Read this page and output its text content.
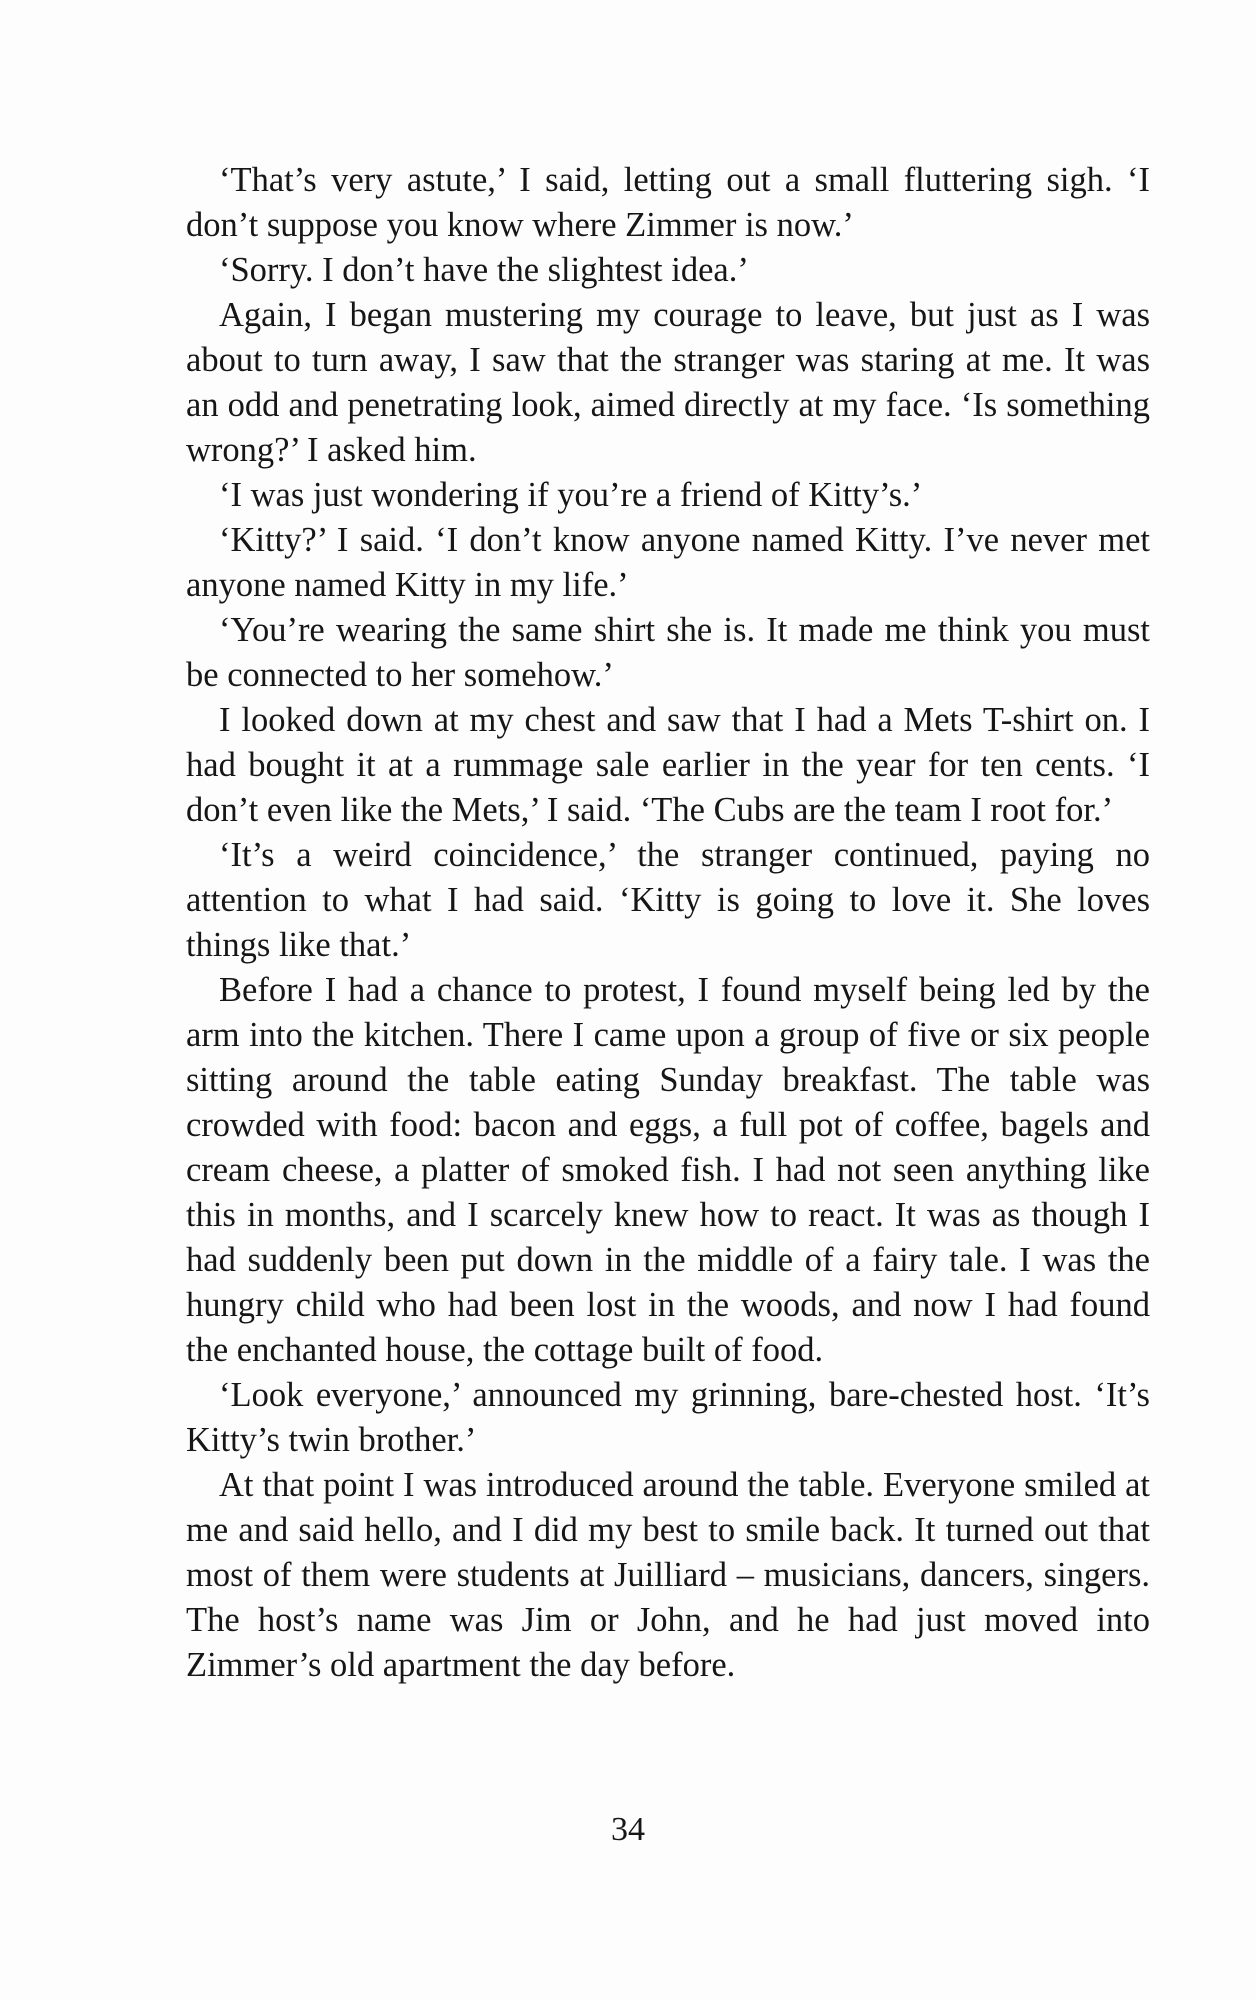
‘That’s very astute,’ I said, letting out a small fluttering sigh. ‘I don’t suppose you know where Zimmer is now.’

‘Sorry. I don’t have the slightest idea.’

Again, I began mustering my courage to leave, but just as I was about to turn away, I saw that the stranger was staring at me. It was an odd and penetrating look, aimed directly at my face. ‘Is something wrong?’ I asked him.

‘I was just wondering if you’re a friend of Kitty’s.’

‘Kitty?’ I said. ‘I don’t know anyone named Kitty. I’ve never met anyone named Kitty in my life.’

‘You’re wearing the same shirt she is. It made me think you must be connected to her somehow.’

I looked down at my chest and saw that I had a Mets T-shirt on. I had bought it at a rummage sale earlier in the year for ten cents. ‘I don’t even like the Mets,’ I said. ‘The Cubs are the team I root for.’

‘It’s a weird coincidence,’ the stranger continued, paying no attention to what I had said. ‘Kitty is going to love it. She loves things like that.’

Before I had a chance to protest, I found myself being led by the arm into the kitchen. There I came upon a group of five or six people sitting around the table eating Sunday breakfast. The table was crowded with food: bacon and eggs, a full pot of coffee, bagels and cream cheese, a platter of smoked fish. I had not seen anything like this in months, and I scarcely knew how to react. It was as though I had suddenly been put down in the middle of a fairy tale. I was the hungry child who had been lost in the woods, and now I had found the enchanted house, the cottage built of food.

‘Look everyone,’ announced my grinning, bare-chested host. ‘It’s Kitty’s twin brother.’

At that point I was introduced around the table. Everyone smiled at me and said hello, and I did my best to smile back. It turned out that most of them were students at Juilliard – musicians, dancers, singers. The host’s name was Jim or John, and he had just moved into Zimmer’s old apartment the day before.

34
